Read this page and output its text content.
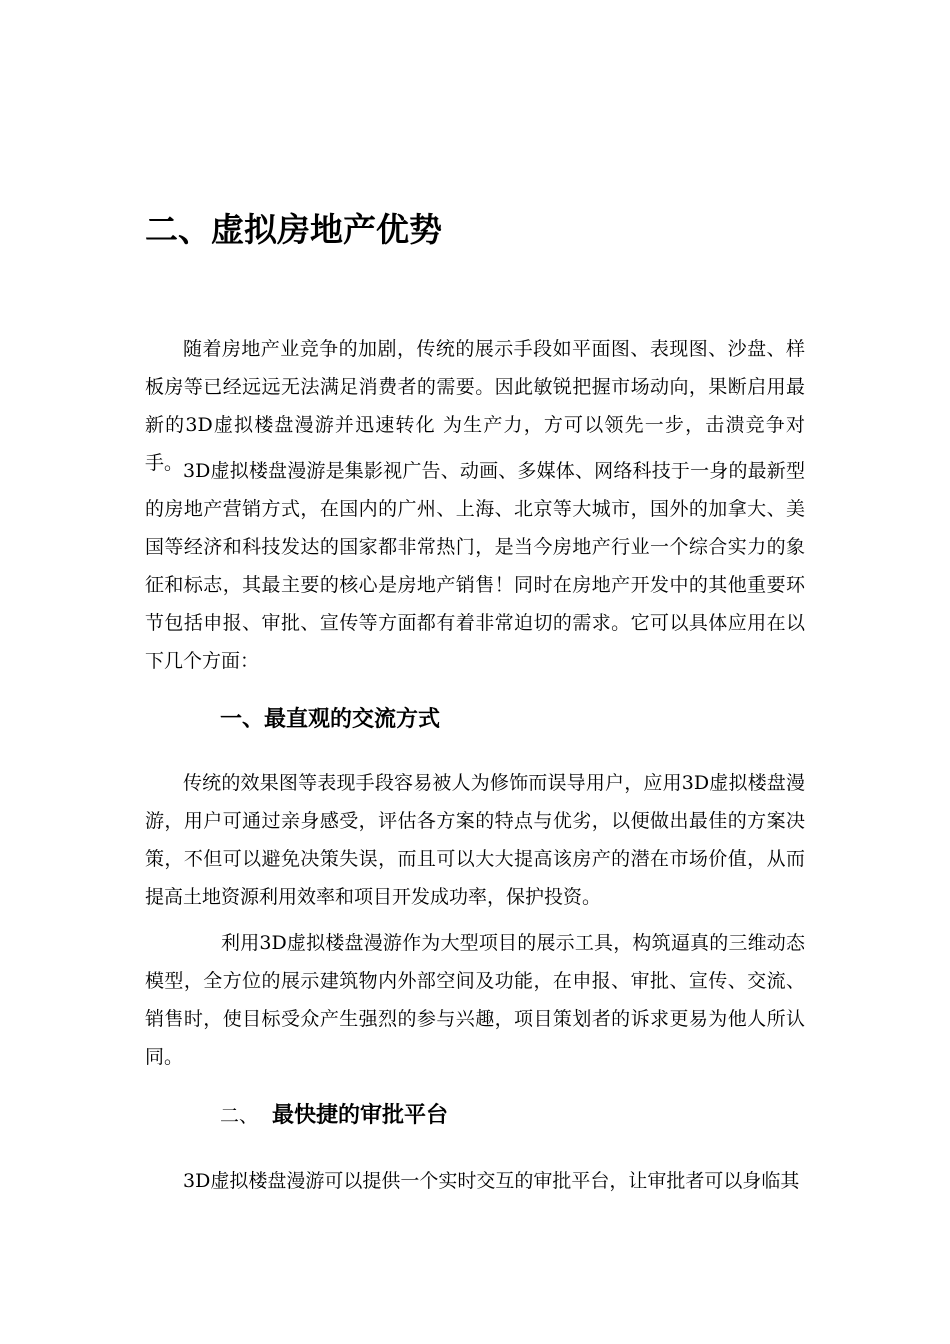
二、虚拟房地产优势

随着房地产业竞争的加剧，传统的展示手段如平面图、表现图、沙盘、样板房等已经远远无法满足消费者的需要。因此敏锐把握市场动向，果断启用最新的3D虚拟楼盘漫游并迅速转化 为生产力，方可以领先一步，击溃竞争对手。 3D虚拟楼盘漫游是集影视广告、动画、多媒体、网络科技于一身的最新型的房地产营销方式，在国内的广州、上海、北京等大城市，国外的加拿大、美国等经济和科技发达的国家都非常热门，是当今房地产行业一个综合实力的象征和标志，其最主要的核心是房地产销售！同时在房地产开发中的其他重要环节包括申报、审批、宣传等方面都有着非常迫切的需求。它可以具体应用在以下几个方面：

一、最直观的交流方式

传统的效果图等表现手段容易被人为修饰而误导用户，应用3D虚拟楼盘漫游，用户可通过亲身感受，评估各方案的特点与优劣，以便做出最佳的方案决策，不但可以避免决策失误，而且可以大大提高该房产的潜在市场价值，从而提高土地资源利用效率和项目开发成功率，保护投资。

利用3D虚拟楼盘漫游作为大型项目的展示工具，构筑逼真的三维动态模型，全方位的展示建筑物内外部空间及功能，在申报、审批、宣传、交流、销售时，使目标受众产生强烈的参与兴趣，项目策划者的诉求更易为他人所认同。

二、 最快捷的审批平台

3D虚拟楼盘漫游可以提供一个实时交互的审批平台，让审批者可以身临其
